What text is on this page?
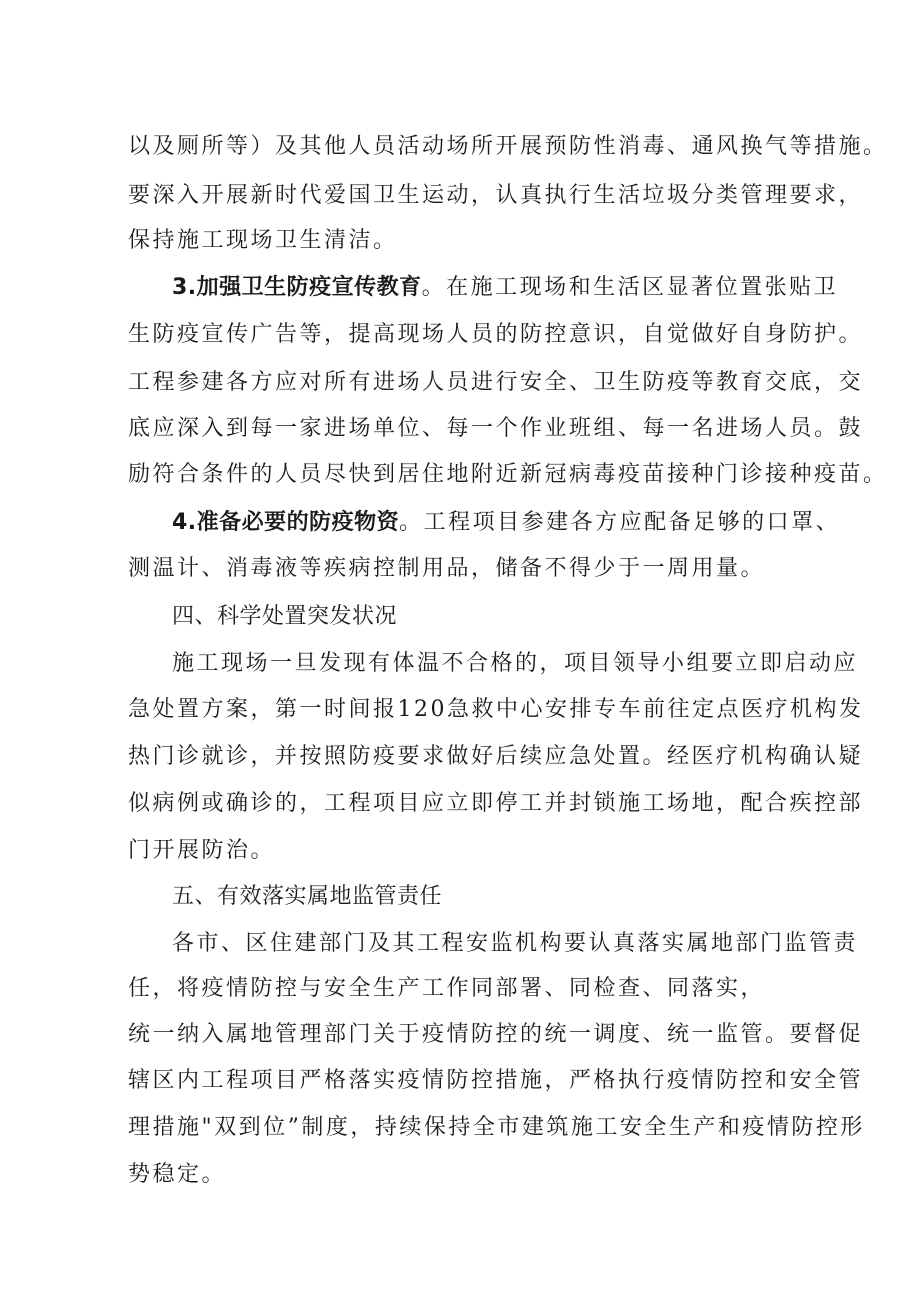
以及厕所等）及其他人员活动场所开展预防性消毒、通风换气等措施。
要深入开展新时代爱国卫生运动，认真执行生活垃圾分类管理要求，
保持施工现场卫生清洁。
3.加强卫生防疫宣传教育。在施工现场和生活区显著位置张贴卫
生防疫宣传广告等，提高现场人员的防控意识，自觉做好自身防护。
工程参建各方应对所有进场人员进行安全、卫生防疫等教育交底，交
底应深入到每一家进场单位、每一个作业班组、每一名进场人员。鼓
励符合条件的人员尽快到居住地附近新冠病毒疫苗接种门诊接种疫苗。
4.准备必要的防疫物资。工程项目参建各方应配备足够的口罩、
测温计、消毒液等疾病控制用品，储备不得少于一周用量。
四、科学处置突发状况
施工现场一旦发现有体温不合格的，项目领导小组要立即启动应
急处置方案，第一时间报120急救中心安排专车前往定点医疗机构发
热门诊就诊，并按照防疫要求做好后续应急处置。经医疗机构确认疑
似病例或确诊的，工程项目应立即停工并封锁施工场地，配合疾控部
门开展防治。
五、有效落实属地监管责任
各市、区住建部门及其工程安监机构要认真落实属地部门监管责
任，将疫情防控与安全生产工作同部署、同检查、同落实，
统一纳入属地管理部门关于疫情防控的统一调度、统一监管。要督促
辖区内工程项目严格落实疫情防控措施，严格执行疫情防控和安全管
理措施"双到位”制度，持续保持全市建筑施工安全生产和疫情防控形
势稳定。
